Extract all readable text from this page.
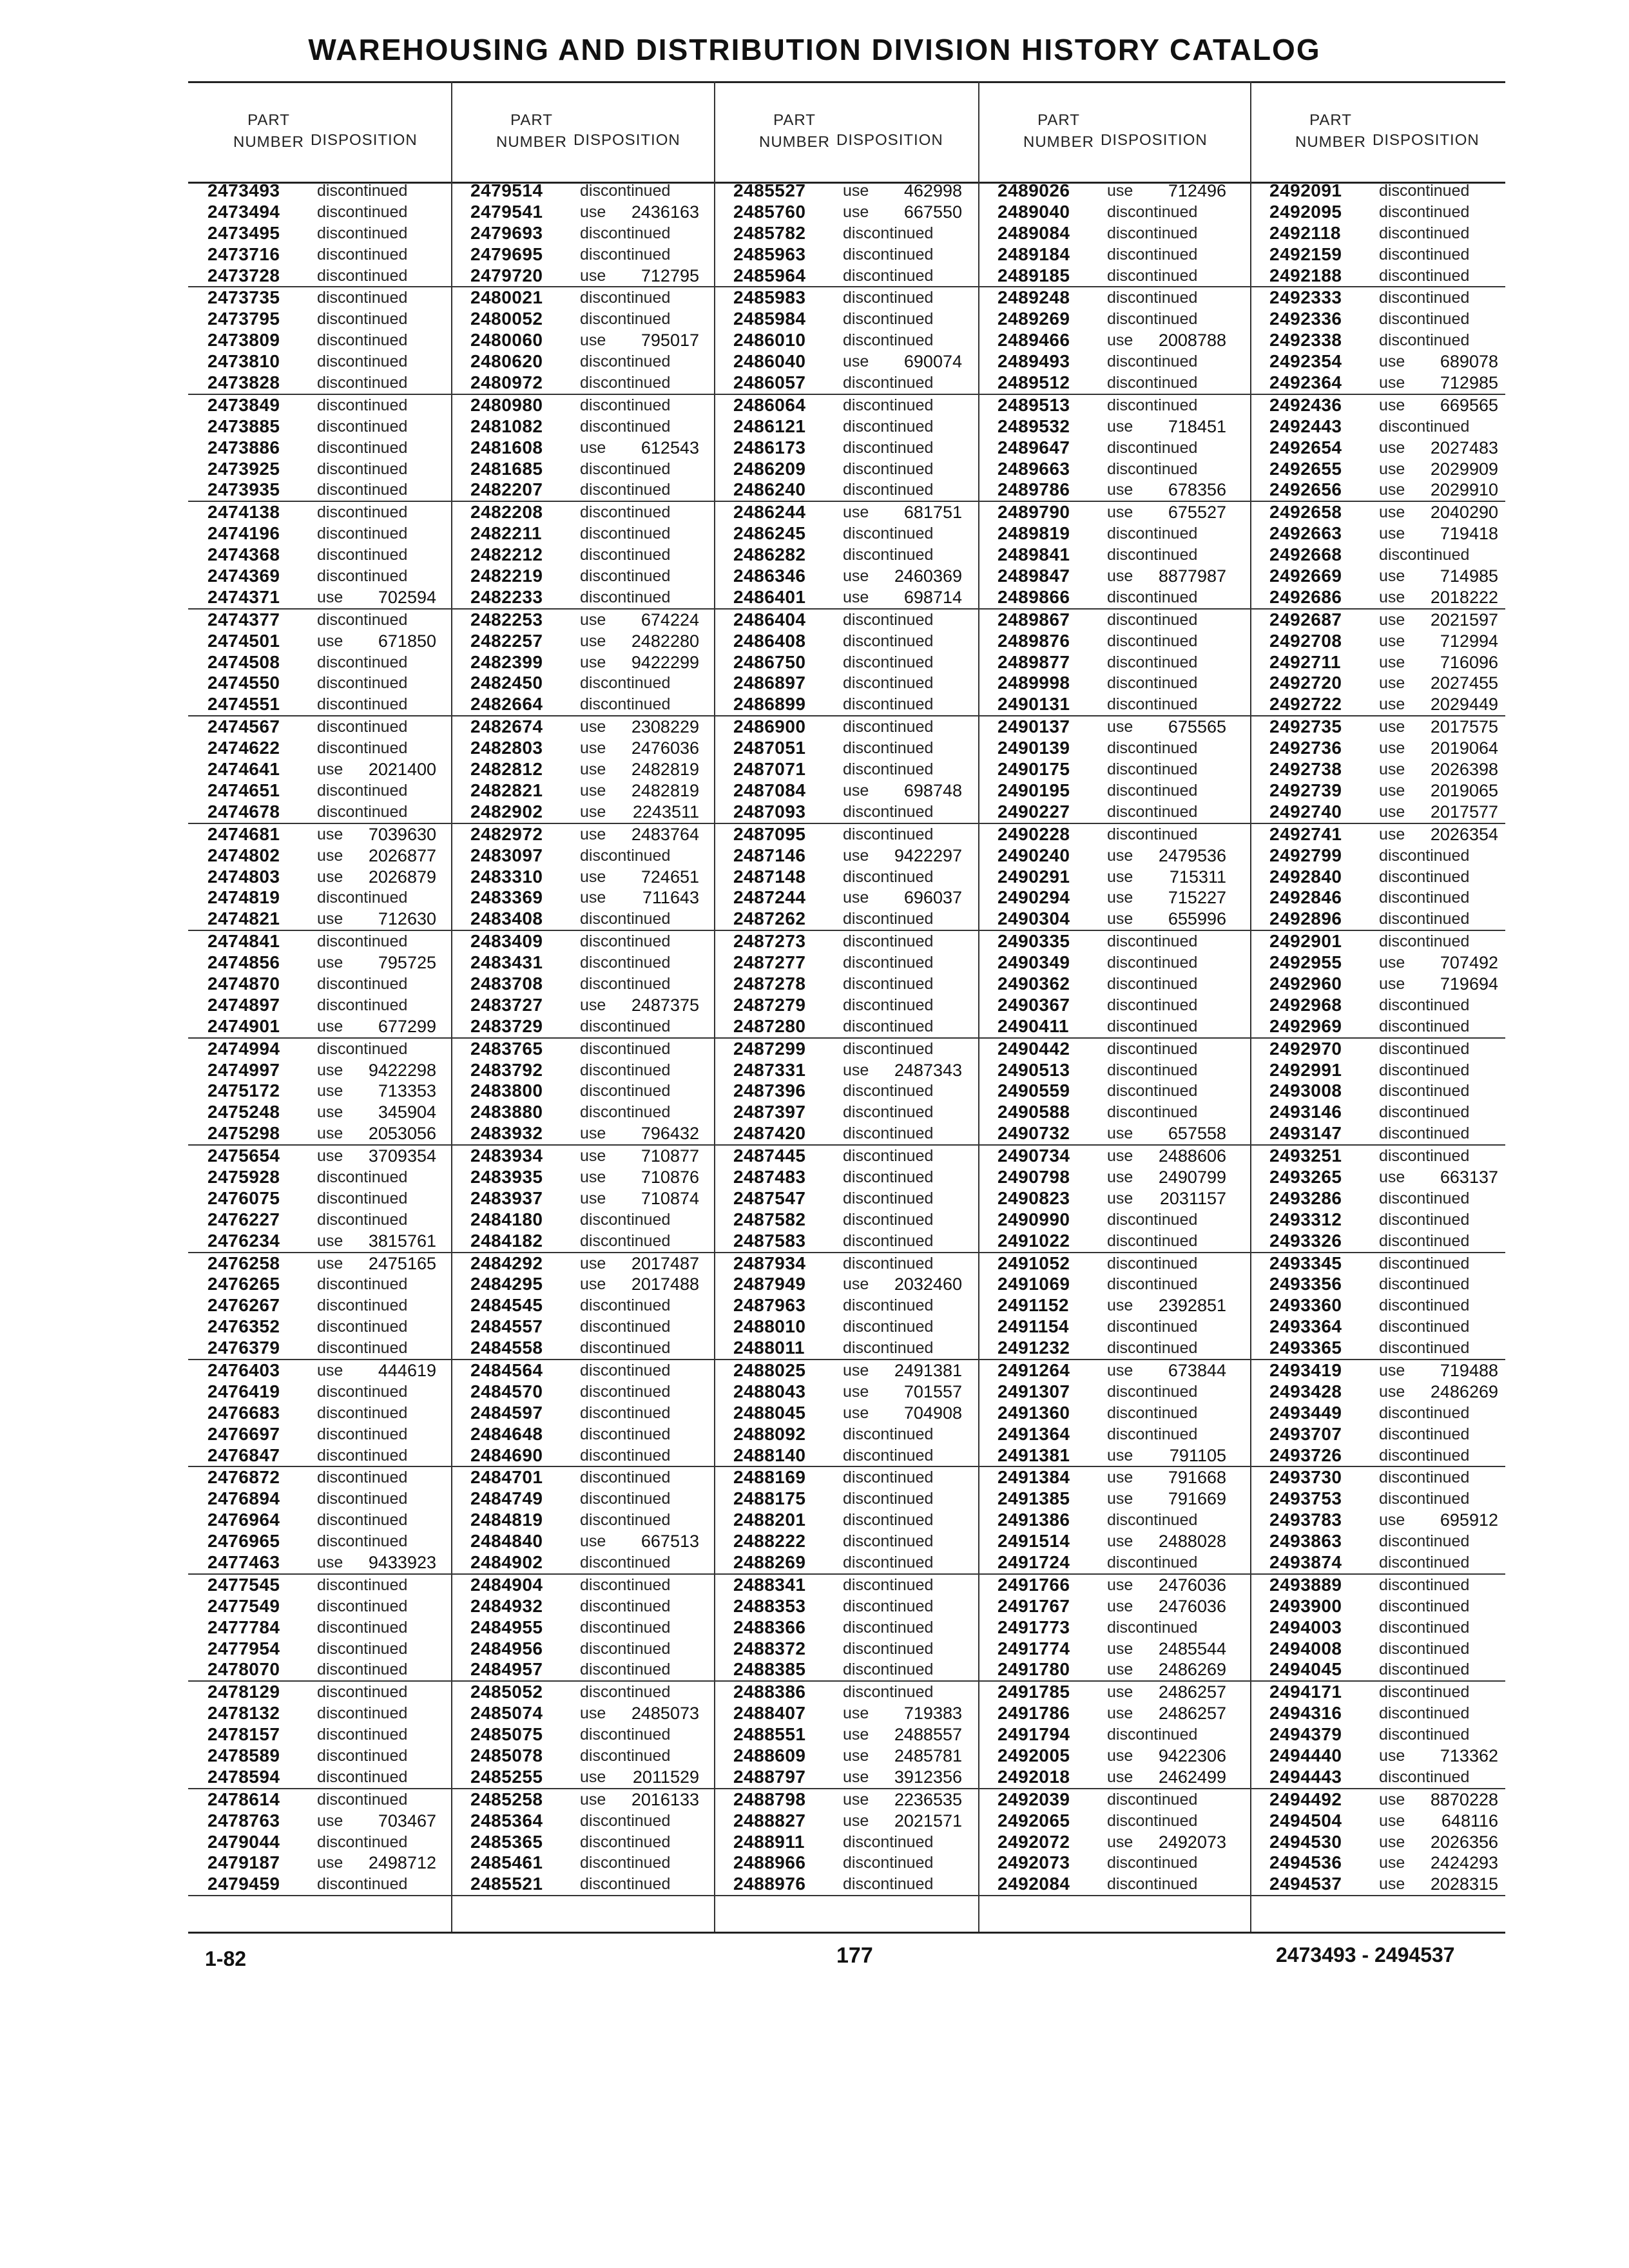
WAREHOUSING AND DISTRIBUTION DIVISION HISTORY CATALOG
PART
NUMBER DISPOSITION
2473493 discontinued
2473494 discontinued
2473495 discontinued
2473716 discontinued
2473728 discontinued
2473735 discontinued
2473795 discontinued
2473809 discontinued
2473810 discontinued
2473828 discontinued
2473849 discontinued
2473885 discontinued
2473886 discontinued
2473925 discontinued
2473935 discontinued
2474138 discontinued
2474196 discontinued
2474368 discontinued
2474369 discontinued
2474371 use 702594
2474377 discontinued
2474501 use 671850
2474508 discontinued
2474550 discontinued
2474551 discontinued
2474567 discontinued
2474622 discontinued
2474641 use 2021400
2474651 discontinued
2474678 discontinued
2474681 use 7039630
2474802 use 2026877
2474803 use 2026879
2474819 discontinued
2474821 use 712630
2474841 discontinued
2474856 use 795725
2474870 discontinued
2474897 discontinued
2474901 use 677299
2474994 discontinued
2474997 use 9422298
2475172 use 713353
2475248 use 345904
2475298 use 2053056
2475654 use 3709354
2475928 discontinued
2476075 discontinued
2476227 discontinued
2476234 use 3815761
2476258 use 2475165
2476265 discontinued
2476267 discontinued
2476352 discontinued
2476379 discontinued
2476403 use 444619
2476419 discontinued
2476683 discontinued
2476697 discontinued
2476847 discontinued
2476872 discontinued
2476894 discontinued
2476964 discontinued
2476965 discontinued
2477463 use 9433923
2477545 discontinued
2477549 discontinued
2477784 discontinued
2477954 discontinued
2478070 discontinued
2478129 discontinued
2478132 discontinued
2478157 discontinued
2478589 discontinued
2478594 discontinued
2478614 discontinued
2478763 use 703467
2479044 discontinued
2479187 use 2498712
2479459 discontinued
PART
NUMBER DISPOSITION
2479514 discontinued
2479541 use 2436163
2479693 discontinued
2479695 discontinued
2479720 use 712795
2480021 discontinued
2480052 discontinued
2480060 use 795017
2480620 discontinued
2480972 discontinued
2480980 discontinued
2481082 discontinued
2481608 use 612543
2481685 discontinued
2482207 discontinued
2482208 discontinued
2482211 discontinued
2482212 discontinued
2482219 discontinued
2482233 discontinued
2482253 use 674224
2482257 use 2482280
2482399 use 9422299
2482450 discontinued
2482664 discontinued
2482674 use 2308229
2482803 use 2476036
2482812 use 2482819
2482821 use 2482819
2482902 use 2243511
2482972 use 2483764
2483097 discontinued
2483310 use 724651
2483369 use 711643
2483408 discontinued
2483409 discontinued
2483431 discontinued
2483708 discontinued
2483727 use 2487375
2483729 discontinued
2483765 discontinued
2483792 discontinued
2483800 discontinued
2483880 discontinued
2483932 use 796432
2483934 use 710877
2483935 use 710876
2483937 use 710874
2484180 discontinued
2484182 discontinued
2484292 use 2017487
2484295 use 2017488
2484545 discontinued
2484557 discontinued
2484558 discontinued
2484564 discontinued
2484570 discontinued
2484597 discontinued
2484648 discontinued
2484690 discontinued
2484701 discontinued
2484749 discontinued
2484819 discontinued
2484840 use 667513
2484902 discontinued
2484904 discontinued
2484932 discontinued
2484955 discontinued
2484956 discontinued
2484957 discontinued
2485052 discontinued
2485074 use 2485073
2485075 discontinued
2485078 discontinued
2485255 use 2011529
2485258 use 2016133
2485364 discontinued
2485365 discontinued
2485461 discontinued
2485521 discontinued
PART
NUMBER DISPOSITION
2485527 use 462998
2485760 use 667550
2485782 discontinued
2485963 discontinued
2485964 discontinued
2485983 discontinued
2485984 discontinued
2486010 discontinued
2486040 use 690074
2486057 discontinued
2486064 discontinued
2486121 discontinued
2486173 discontinued
2486209 discontinued
2486240 discontinued
2486244 use 681751
2486245 discontinued
2486282 discontinued
2486346 use 2460369
2486401 use 698714
2486404 discontinued
2486408 discontinued
2486750 discontinued
2486897 discontinued
2486899 discontinued
2486900 discontinued
2487051 discontinued
2487071 discontinued
2487084 use 698748
2487093 discontinued
2487095 discontinued
2487146 use 9422297
2487148 discontinued
2487244 use 696037
2487262 discontinued
2487273 discontinued
2487277 discontinued
2487278 discontinued
2487279 discontinued
2487280 discontinued
2487299 discontinued
2487331 use 2487343
2487396 discontinued
2487397 discontinued
2487420 discontinued
2487445 discontinued
2487483 discontinued
2487547 discontinued
2487582 discontinued
2487583 discontinued
2487934 discontinued
2487949 use 2032460
2487963 discontinued
2488010 discontinued
2488011 discontinued
2488025 use 2491381
2488043 use 701557
2488045 use 704908
2488092 discontinued
2488140 discontinued
2488169 discontinued
2488175 discontinued
2488201 discontinued
2488222 discontinued
2488269 discontinued
2488341 discontinued
2488353 discontinued
2488366 discontinued
2488372 discontinued
2488385 discontinued
2488386 discontinued
2488407 use 719383
2488551 use 2488557
2488609 use 2485781
2488797 use 3912356
2488798 use 2236535
2488827 use 2021571
2488911 discontinued
2488966 discontinued
2488976 discontinued
PART
NUMBER DISPOSITION
2489026 use 712496
2489040 discontinued
2489084 discontinued
2489184 discontinued
2489185 discontinued
2489248 discontinued
2489269 discontinued
2489466 use 2008788
2489493 discontinued
2489512 discontinued
2489513 discontinued
2489532 use 718451
2489647 discontinued
2489663 discontinued
2489786 use 678356
2489790 use 675527
2489819 discontinued
2489841 discontinued
2489847 use 8877987
2489866 discontinued
2489867 discontinued
2489876 discontinued
2489877 discontinued
2489998 discontinued
2490131 discontinued
2490137 use 675565
2490139 discontinued
2490175 discontinued
2490195 discontinued
2490227 discontinued
2490228 discontinued
2490240 use 2479536
2490291 use 715311
2490294 use 715227
2490304 use 655996
2490335 discontinued
2490349 discontinued
2490362 discontinued
2490367 discontinued
2490411 discontinued
2490442 discontinued
2490513 discontinued
2490559 discontinued
2490588 discontinued
2490732 use 657558
2490734 use 2488606
2490798 use 2490799
2490823 use 2031157
2490990 discontinued
2491022 discontinued
2491052 discontinued
2491069 discontinued
2491152 use 2392851
2491154 discontinued
2491232 discontinued
2491264 use 673844
2491307 discontinued
2491360 discontinued
2491364 discontinued
2491381 use 791105
2491384 use 791668
2491385 use 791669
2491386 discontinued
2491514 use 2488028
2491724 discontinued
2491766 use 2476036
2491767 use 2476036
2491773 discontinued
2491774 use 2485544
2491780 use 2486269
2491785 use 2486257
2491786 use 2486257
2491794 discontinued
2492005 use 9422306
2492018 use 2462499
2492039 discontinued
2492065 discontinued
2492072 use 2492073
2492073 discontinued
2492084 discontinued
PART
NUMBER DISPOSITION
2492091 discontinued
2492095 discontinued
2492118 discontinued
2492159 discontinued
2492188 discontinued
2492333 discontinued
2492336 discontinued
2492338 discontinued
2492354 use 689078
2492364 use 712985
2492436 use 669565
2492443 discontinued
2492654 use 2027483
2492655 use 2029909
2492656 use 2029910
2492658 use 2040290
2492663 use 719418
2492668 discontinued
2492669 use 714985
2492686 use 2018222
2492687 use 2021597
2492708 use 712994
2492711 use 716096
2492720 use 2027455
2492722 use 2029449
2492735 use 2017575
2492736 use 2019064
2492738 use 2026398
2492739 use 2019065
2492740 use 2017577
2492741 use 2026354
2492799 discontinued
2492840 discontinued
2492846 discontinued
2492896 discontinued
2492901 discontinued
2492955 use 707492
2492960 use 719694
2492968 discontinued
2492969 discontinued
2492970 discontinued
2492991 discontinued
2493008 discontinued
2493146 discontinued
2493147 discontinued
2493251 discontinued
2493265 use 663137
2493286 discontinued
2493312 discontinued
2493326 discontinued
2493345 discontinued
2493356 discontinued
2493360 discontinued
2493364 discontinued
2493365 discontinued
2493419 use 719488
2493428 use 2486269
2493449 discontinued
2493707 discontinued
2493726 discontinued
2493730 discontinued
2493753 discontinued
2493783 use 695912
2493863 discontinued
2493874 discontinued
2493889 discontinued
2493900 discontinued
2494003 discontinued
2494008 discontinued
2494045 discontinued
2494171 discontinued
2494316 discontinued
2494379 discontinued
2494440 use 713362
2494443 discontinued
2494492 use 8870228
2494504 use 648116
2494530 use 2026356
2494536 use 2424293
2494537 use 2028315
1-82	177	2473493 - 2494537
